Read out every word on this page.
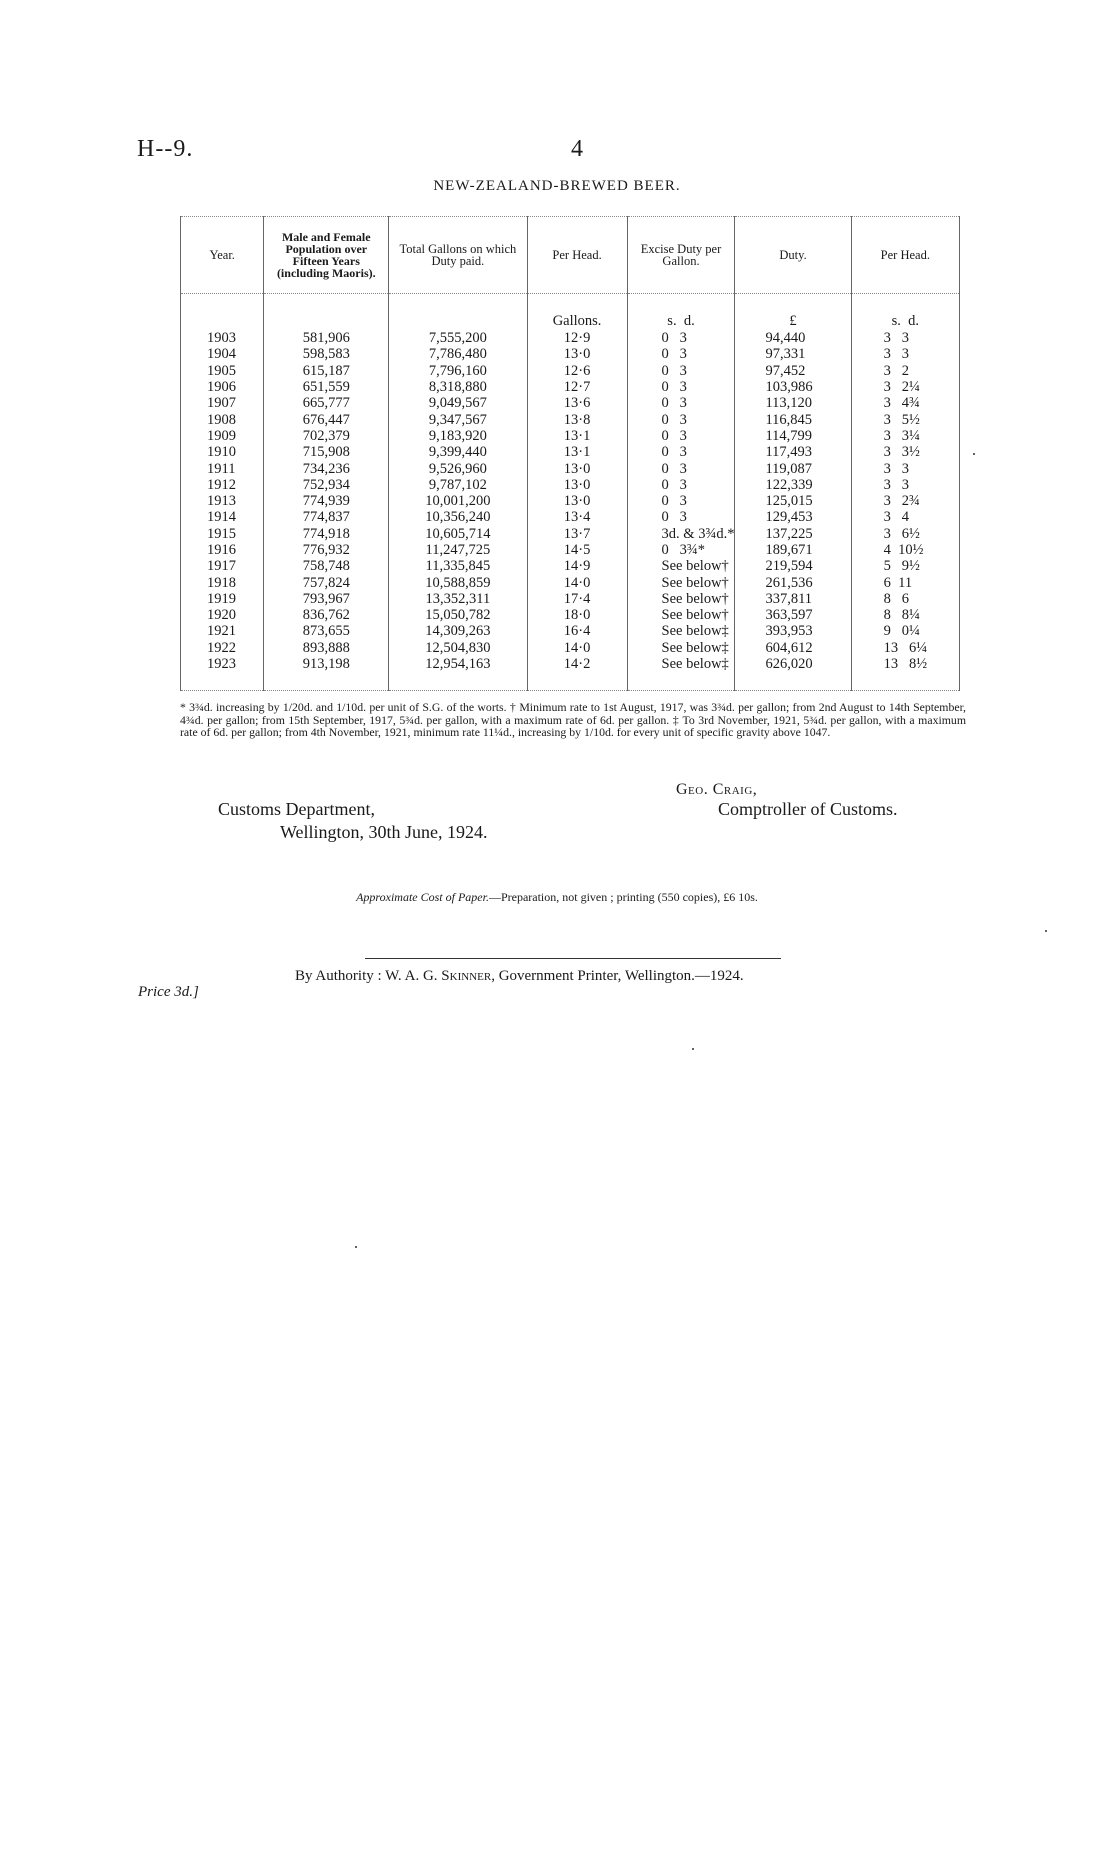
H--9.	4
NEW-ZEALAND-BREWED BEER.
Year.	Male and Female Population over Fifteen Years (including Maoris).	Total Gallons on which Duty paid.	Per Head.	Excise Duty per Gallon.	Duty.	Per Head.

			Gallons.	s.  d.	£	s.  d.
1903	581,906	7,555,200	12·9	0   3	94,440	3   3
1904	598,583	7,786,480	13·0	0   3	97,331	3   3
1905	615,187	7,796,160	12·6	0   3	97,452	3   2
1906	651,559	8,318,880	12·7	0   3	103,986	3   2¼
1907	665,777	9,049,567	13·6	0   3	113,120	3   4¾
1908	676,447	9,347,567	13·8	0   3	116,845	3   5½
1909	702,379	9,183,920	13·1	0   3	114,799	3   3¼
1910	715,908	9,399,440	13·1	0   3	117,493	3   3½
1911	734,236	9,526,960	13·0	0   3	119,087	3   3
1912	752,934	9,787,102	13·0	0   3	122,339	3   3
1913	774,939	10,001,200	13·0	0   3	125,015	3   2¾
1914	774,837	10,356,240	13·4	0   3	129,453	3   4
1915	774,918	10,605,714	13·7	3d. & 3¾d.*	137,225	3   6½
1916	776,932	11,247,725	14·5	0   3¾*	189,671	4  10½
1917	758,748	11,335,845	14·9	See below†	219,594	5   9½
1918	757,824	10,588,859	14·0	See below†	261,536	6  11
1919	793,967	13,352,311	17·4	See below†	337,811	8   6
1920	836,762	15,050,782	18·0	See below†	363,597	8   8¼
1921	873,655	14,309,263	16·4	See below‡	393,953	9   0¼
1922	893,888	12,504,830	14·0	See below‡	604,612	13   6¼
1923	913,198	12,954,163	14·2	See below‡	626,020	13   8½
* 3¾d. increasing by 1/20d. and 1/10d. per unit of S.G. of the worts. † Minimum rate to 1st August, 1917, was 3¾d. per gallon; from 2nd August to 14th September, 4¾d. per gallon; from 15th September, 1917, 5¾d. per gallon, with a maximum rate of 6d. per gallon. ‡ To 3rd November, 1921, 5¾d. per gallon, with a maximum rate of 6d. per gallon; from 4th November, 1921, minimum rate 11¼d., increasing by 1/10d. for every unit of specific gravity above 1047.
Customs Department,
Wellington, 30th June, 1924.
Geo. Craig,
Comptroller of Customs.
Approximate Cost of Paper.—Preparation, not given ; printing (550 copies), £6 10s.
Price 3d.]
By Authority : W. A. G. Skinner, Government Printer, Wellington.—1924.
